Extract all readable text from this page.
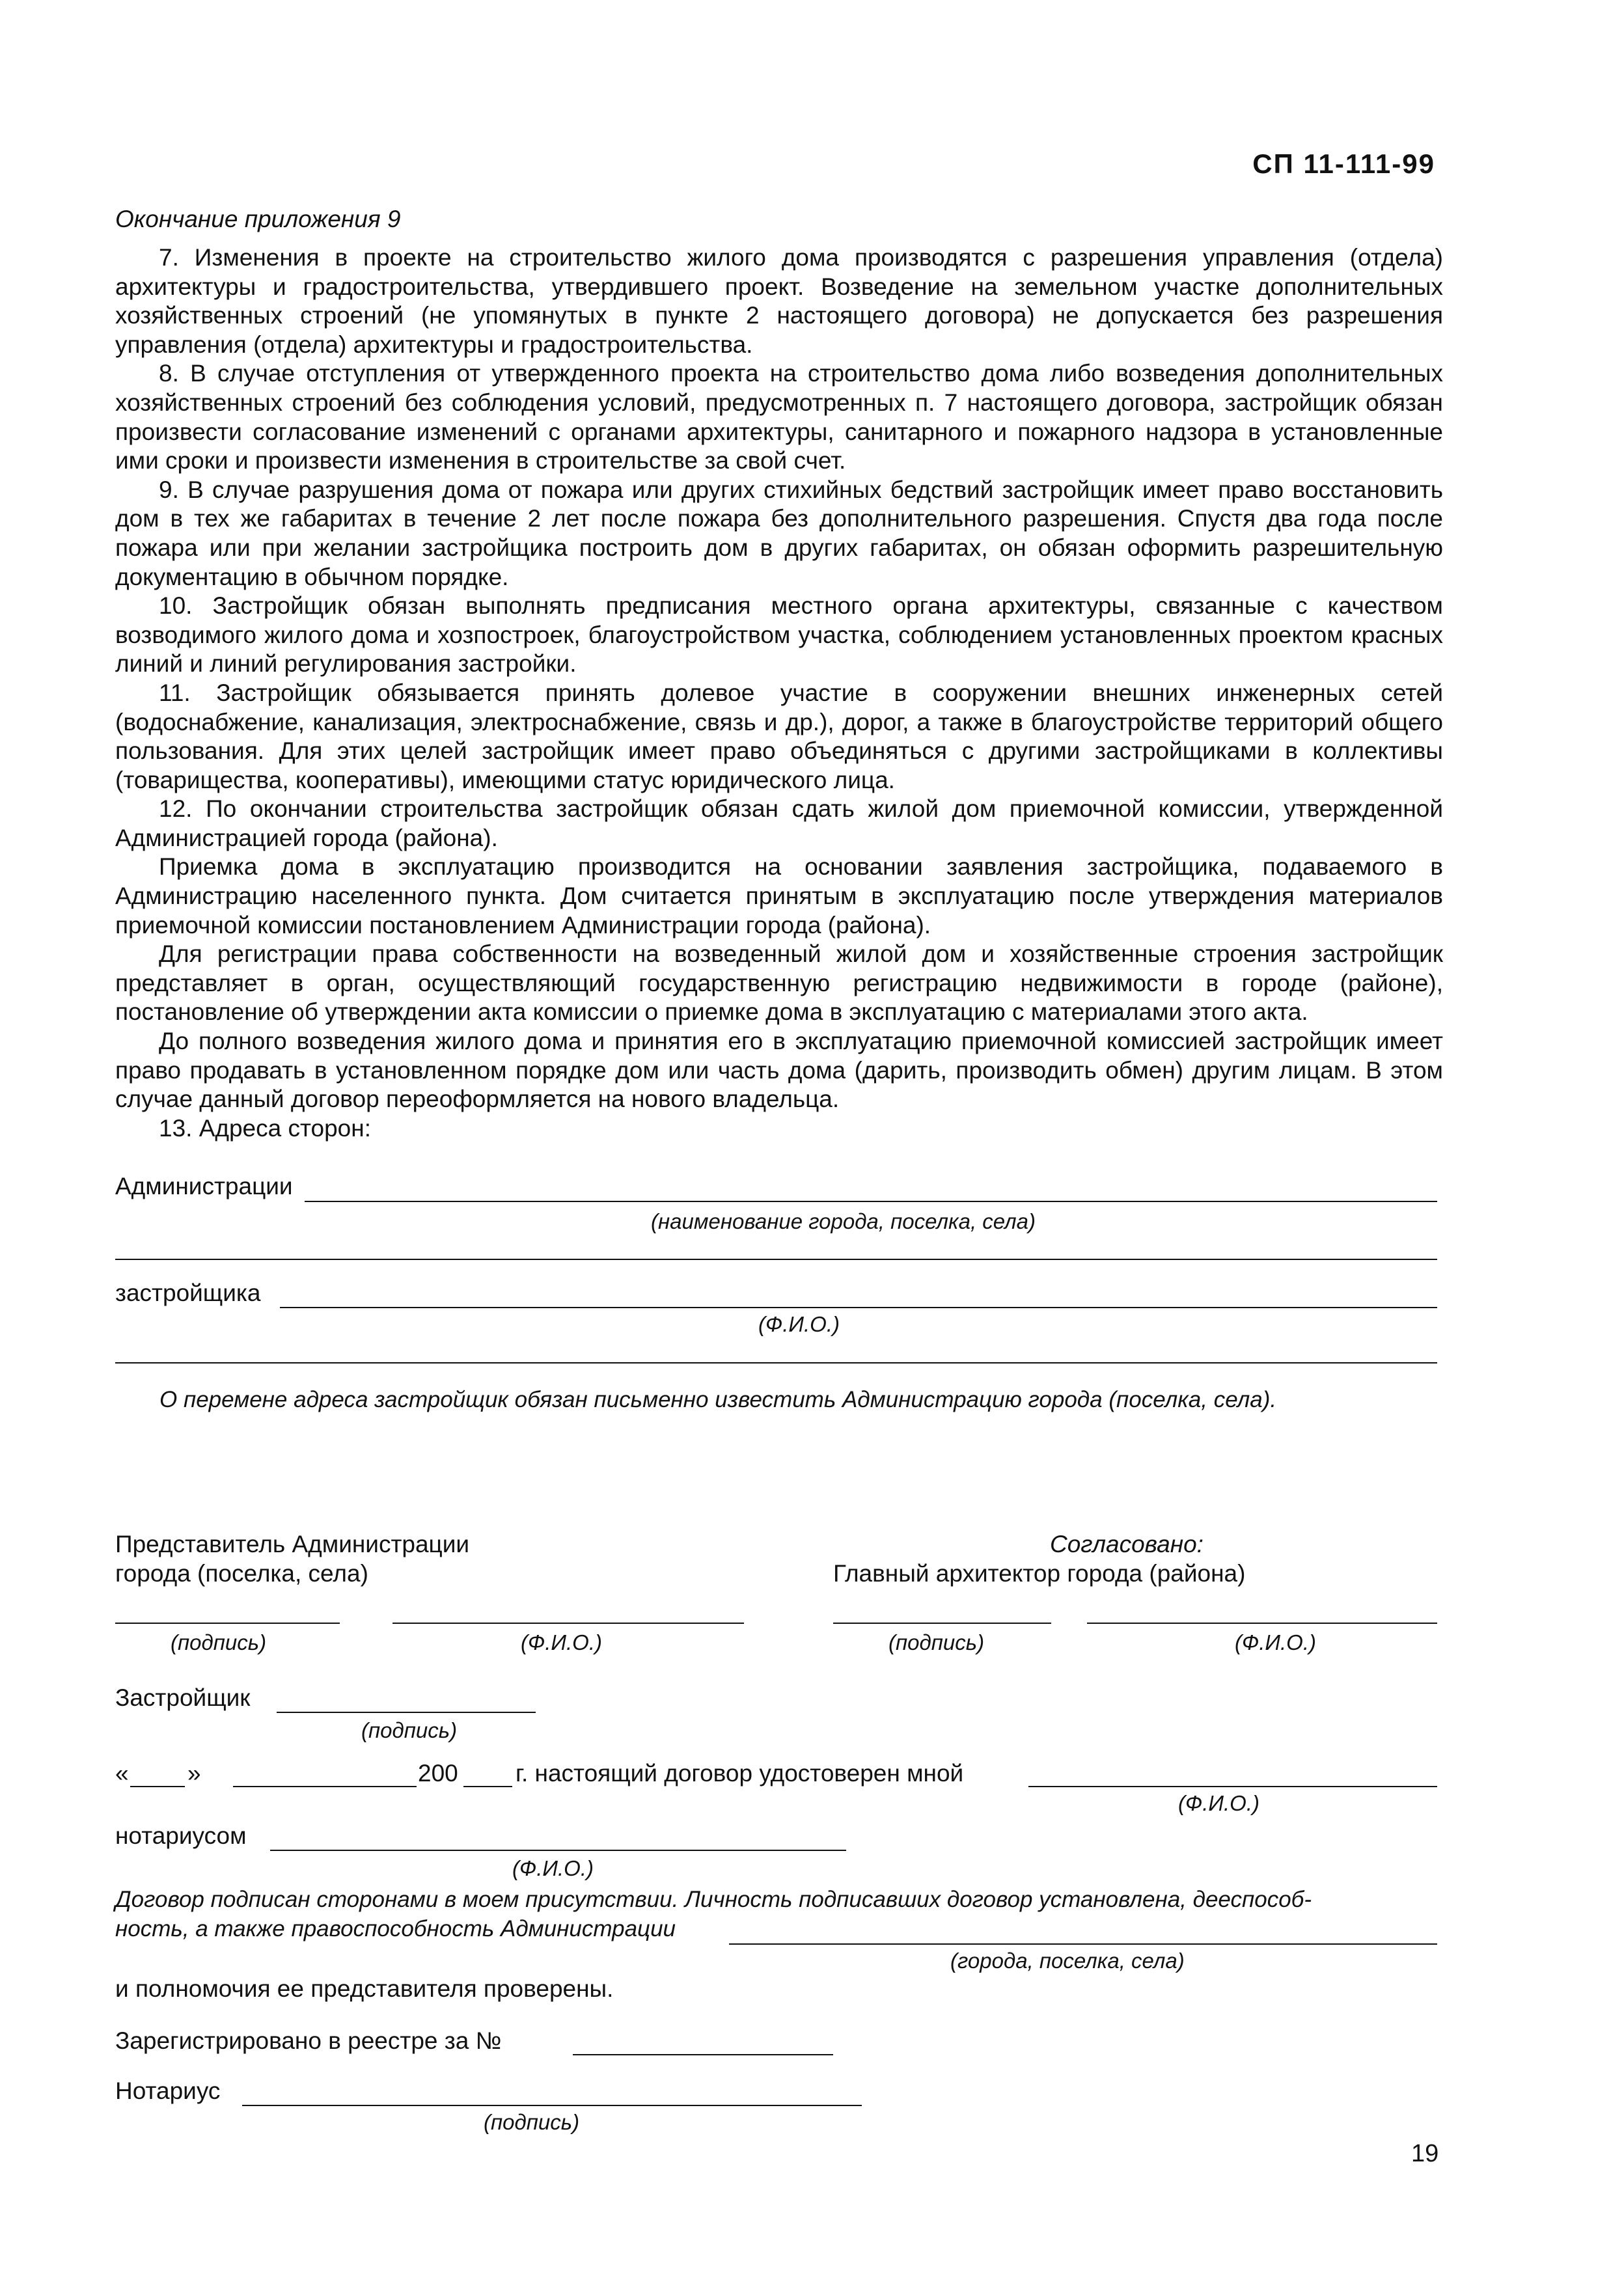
СП 11-111-99
Окончание приложения 9

7. Изменения в проекте на строительство жилого дома производятся с разрешения управления (отдела) архитектуры и градостроительства, утвердившего проект. Возведение на земельном участке дополнительных хозяйственных строений (не упомянутых в пункте 2 настоящего договора) не допускается без разрешения управления (отдела) архитектуры и градостроительства.

8. В случае отступления от утвержденного проекта на строительство дома либо возведения дополнительных хозяйственных строений без соблюдения условий, предусмотренных п. 7 настоящего договора, застройщик обязан произвести согласование изменений с органами архитектуры, санитарного и пожарного надзора в установленные ими сроки и произвести изменения в строительстве за свой счет.

9. В случае разрушения дома от пожара или других стихийных бедствий застройщик имеет право восстановить дом в тех же габаритах в течение 2 лет после пожара без дополнительного разрешения. Спустя два года после пожара или при желании застройщика построить дом в других габаритах, он обязан оформить разрешительную документацию в обычном порядке.

10. Застройщик обязан выполнять предписания местного органа архитектуры, связанные с качеством возводимого жилого дома и хозпостроек, благоустройством участка, соблюдением установленных проектом красных линий и линий регулирования застройки.

11. Застройщик обязывается принять долевое участие в сооружении внешних инженерных сетей (водоснабжение, канализация, электроснабжение, связь и др.), дорог, а также в благоустройстве территорий общего пользования. Для этих целей застройщик имеет право объединяться с другими застройщиками в коллективы (товарищества, кооперативы), имеющими статус юридического лица.

12. По окончании строительства застройщик обязан сдать жилой дом приемочной комиссии, утвержденной Администрацией города (района).

Приемка дома в эксплуатацию производится на основании заявления застройщика, подаваемого в Администрацию населенного пункта. Дом считается принятым в эксплуатацию после утверждения материалов приемочной комиссии постановлением Администрации города (района).

Для регистрации права собственности на возведенный жилой дом и хозяйственные строения застройщик представляет в орган, осуществляющий государственную регистрацию недвижимости в городе (районе), постановление об утверждении акта комиссии о приемке дома в эксплуатацию с материалами этого акта.

До полного возведения жилого дома и принятия его в эксплуатацию приемочной комиссией застройщик имеет право продавать в установленном порядке дом или часть дома (дарить, производить обмен) другим лицам. В этом случае данный договор переоформляется на нового владельца.

13. Адреса сторон:

Администрации
(наименование города, поселка, села)
застройщика
(Ф.И.О.)
О перемене адреса застройщик обязан письменно известить Администрацию города (поселка, села).
Представитель Администрации
города (поселка, села)
Согласовано:
Главный архитектор города (района)
(подпись)	(Ф.И.О.)	(подпись)	(Ф.И.О.)
Застройщик
(подпись)
« »	200 г. настоящий договор удостоверен мной
(Ф.И.О.)
нотариусом
(Ф.И.О.)
Договор подписан сторонами в моем присутствии. Личность подписавших договор установлена, дееспособ-
ность, а также правоспособность Администрации
(города, поселка, села)
и полномочия ее представителя проверены.
Зарегистрировано в реестре за №
Нотариус
(подпись)
19
